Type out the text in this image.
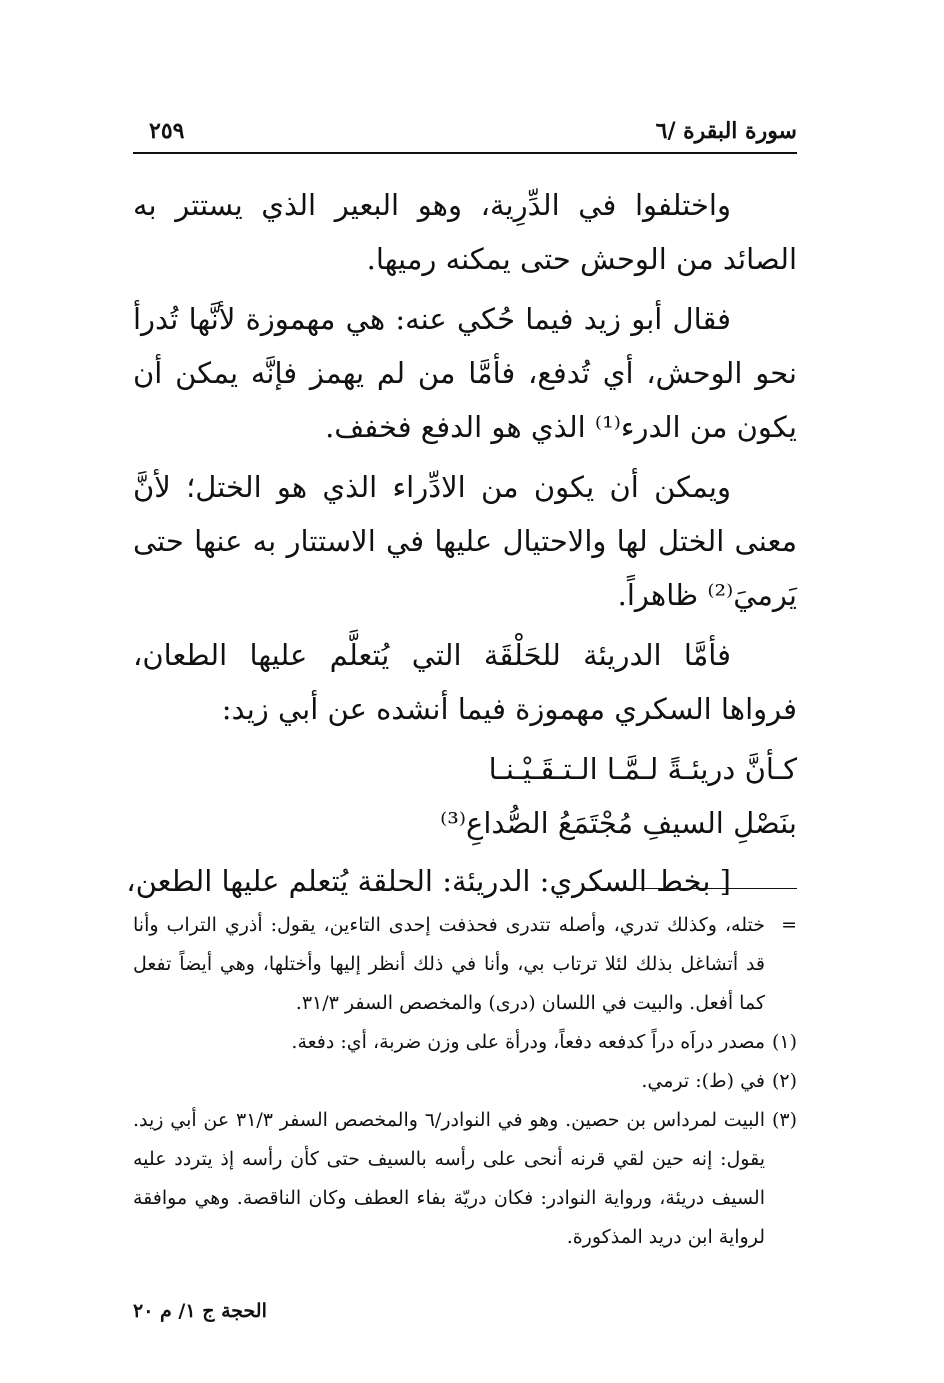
سورة البقرة /٦
٢٥٩

واختلفوا في الدِّرِية، وهو البعير الذي يستتر به الصائد من الوحش حتى يمكنه رميها.

فقال أبو زيد فيما حُكي عنه: هي مهموزة لأنَّها تُدرأ نحو الوحش، أي تُدفع، فأمَّا من لم يهمز فإنَّه يمكن أن يكون من الدرء⁽¹⁾ الذي هو الدفع فخفف.

ويمكن أن يكون من الادِّراء الذي هو الختل؛ لأنَّ معنى الختل لها والاحتيال عليها في الاستتار به عنها حتى يَرميَ⁽²⁾ ظاهراً.

فأمَّا الدريئة للحَلْقَة التي يُتعلَّم عليها الطعان، فرواها السكري مهموزة فيما أنشده عن أبي زيد:

كـأنَّ دريئـةً لـمَّـا الـتـقَـيْـنـا

بنَصْلِ السيفِ مُجْتَمَعُ الصُّداعِ⁽³⁾

[ بخط السكري: الدريئة: الحلقة يُتعلم عليها الطعن،

=
ختله، وكذلك تدري، وأصله تتدرى فحذفت إحدى التاءين، يقول: أذري التراب وأنا قد أتشاغل بذلك لئلا ترتاب بي، وأنا في ذلك أنظر إليها وأختلها، وهي أيضاً تفعل كما أفعل. والبيت في اللسان (درى) والمخصص السفر ٣١/٣.

(١)
مصدر دراَه دراً كدفعه دفعاً، ودرأة على وزن ضربة، أي: دفعة.

(٢)
في (ط): ترمي.

(٣)
البيت لمرداس بن حصين. وهو في النوادر/٦ والمخصص السفر ٣١/٣ عن أبي زيد. يقول: إنه حين لقي قرنه أنحى على رأسه بالسيف حتى كأن رأسه إذ يتردد عليه السيف دريئة، ورواية النوادر: فكان دريّة بفاء العطف وكان الناقصة. وهي موافقة لرواية ابن دريد المذكورة.

الحجة ج ١/ م ٢٠
